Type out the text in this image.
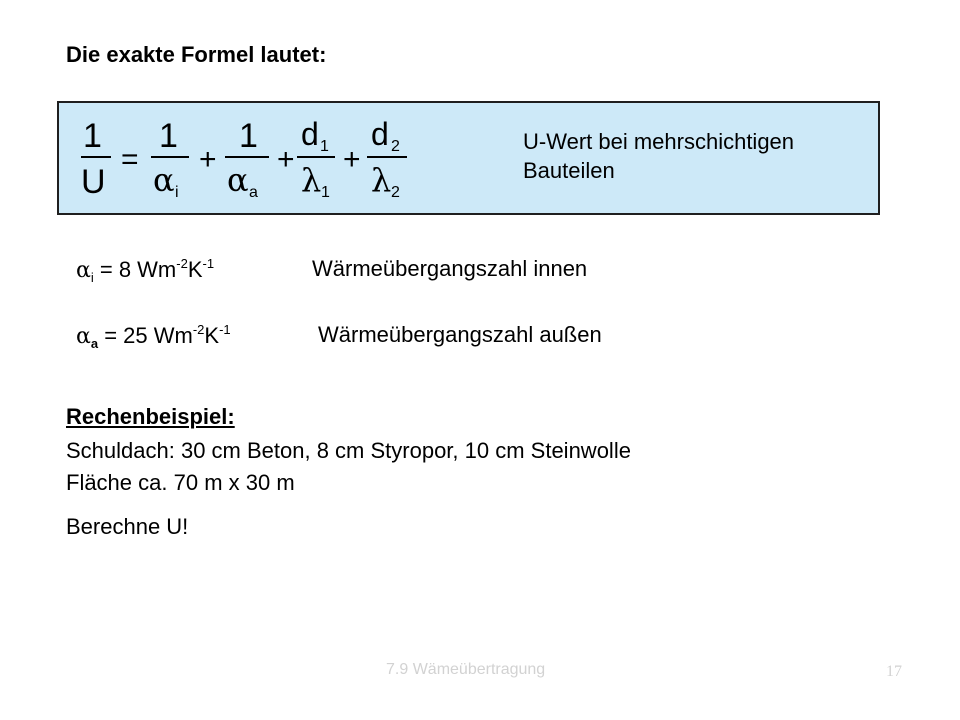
Die exakte Formel lautet:
1
U
=
1
α i
+
1
α a
+
d 1
λ 1
+
d 2
λ 2
U-Wert bei mehrschichtigen
Bauteilen
$\alpha_i = 8$ $Wm^{-2}K^{-1}$	Wärmeübergangszahl innen
$\alpha_a = 25$ $Wm^{-2}K^{-1}$	Wärmeübergangszahl außen
Rechenbeispiel:
Schuldach: 30 cm Beton, 8 cm Styropor, 10 cm Steinwolle
Fläche ca. 70 m x 30 m
Berechne U!
7.9 Wämeübertragung	17
